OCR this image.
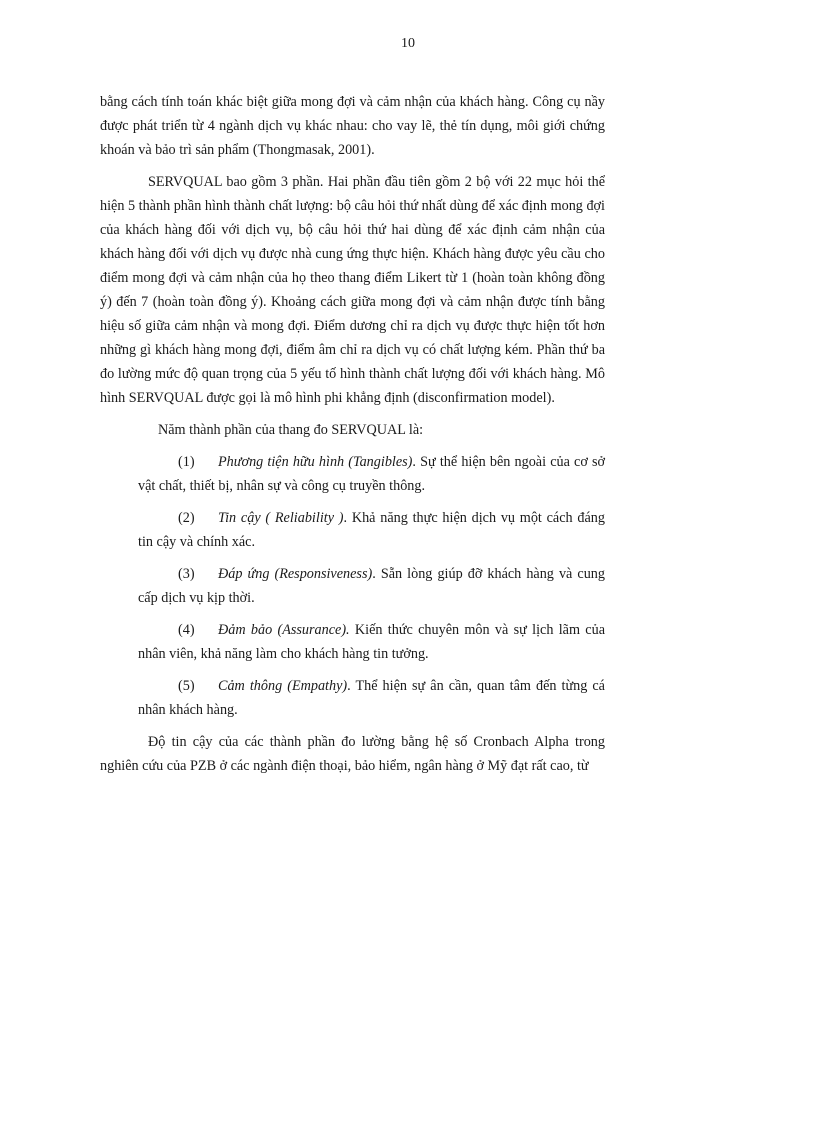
10

bằng cách tính toán khác biệt giữa mong đợi và cảm nhận của khách hàng. Công cụ nầy được phát triển từ 4 ngành dịch vụ khác nhau: cho vay lẽ, thẻ tín dụng, môi giới chứng khoán và bảo trì sản phẩm (Thongmasak, 2001).

SERVQUAL bao gồm 3 phần. Hai phần đầu tiên gồm 2 bộ với 22 mục hỏi thể hiện 5 thành phần hình thành chất lượng: bộ câu hỏi thứ nhất dùng để xác định mong đợi của khách hàng đối với dịch vụ, bộ câu hỏi thứ hai dùng để xác định cảm nhận của khách hàng đối với dịch vụ được nhà cung ứng thực hiện. Khách hàng được yêu cầu cho điểm mong đợi và cảm nhận của họ theo thang điểm Likert từ 1 (hoàn toàn không đồng ý) đến 7 (hoàn toàn đồng ý). Khoảng cách giữa mong đợi và cảm nhận được tính bằng hiệu số giữa cảm nhận và mong đợi. Điểm dương chỉ ra dịch vụ được thực hiện tốt hơn những gì khách hàng mong đợi, điểm âm chỉ ra dịch vụ có chất lượng kém. Phần thứ ba đo lường mức độ quan trọng của 5 yếu tố hình thành chất lượng đối với khách hàng. Mô hình SERVQUAL được gọi là mô hình phi khẳng định (disconfirmation model).

Năm thành phần của thang đo SERVQUAL là:

(1) Phương tiện hữu hình (Tangibles). Sự thể hiện bên ngoài của cơ sở vật chất, thiết bị, nhân sự và công cụ truyền thông.
(2) Tin cậy ( Reliability ). Khả năng thực hiện dịch vụ một cách đáng tin cậy và chính xác.
(3) Đáp ứng (Responsiveness). Sẵn lòng giúp đỡ khách hàng và cung cấp dịch vụ kịp thời.
(4) Đảm bảo (Assurance). Kiến thức chuyên môn và sự lịch lãm của nhân viên, khả năng làm cho khách hàng tin tưởng.
(5) Cảm thông (Empathy). Thể hiện sự ân cần, quan tâm đến từng cá nhân khách hàng.

Độ tin cậy của các thành phần đo lường bằng hệ số Cronbach Alpha trong nghiên cứu của PZB ở các ngành điện thoại, bảo hiểm, ngân hàng ở Mỹ đạt rất cao, từ
